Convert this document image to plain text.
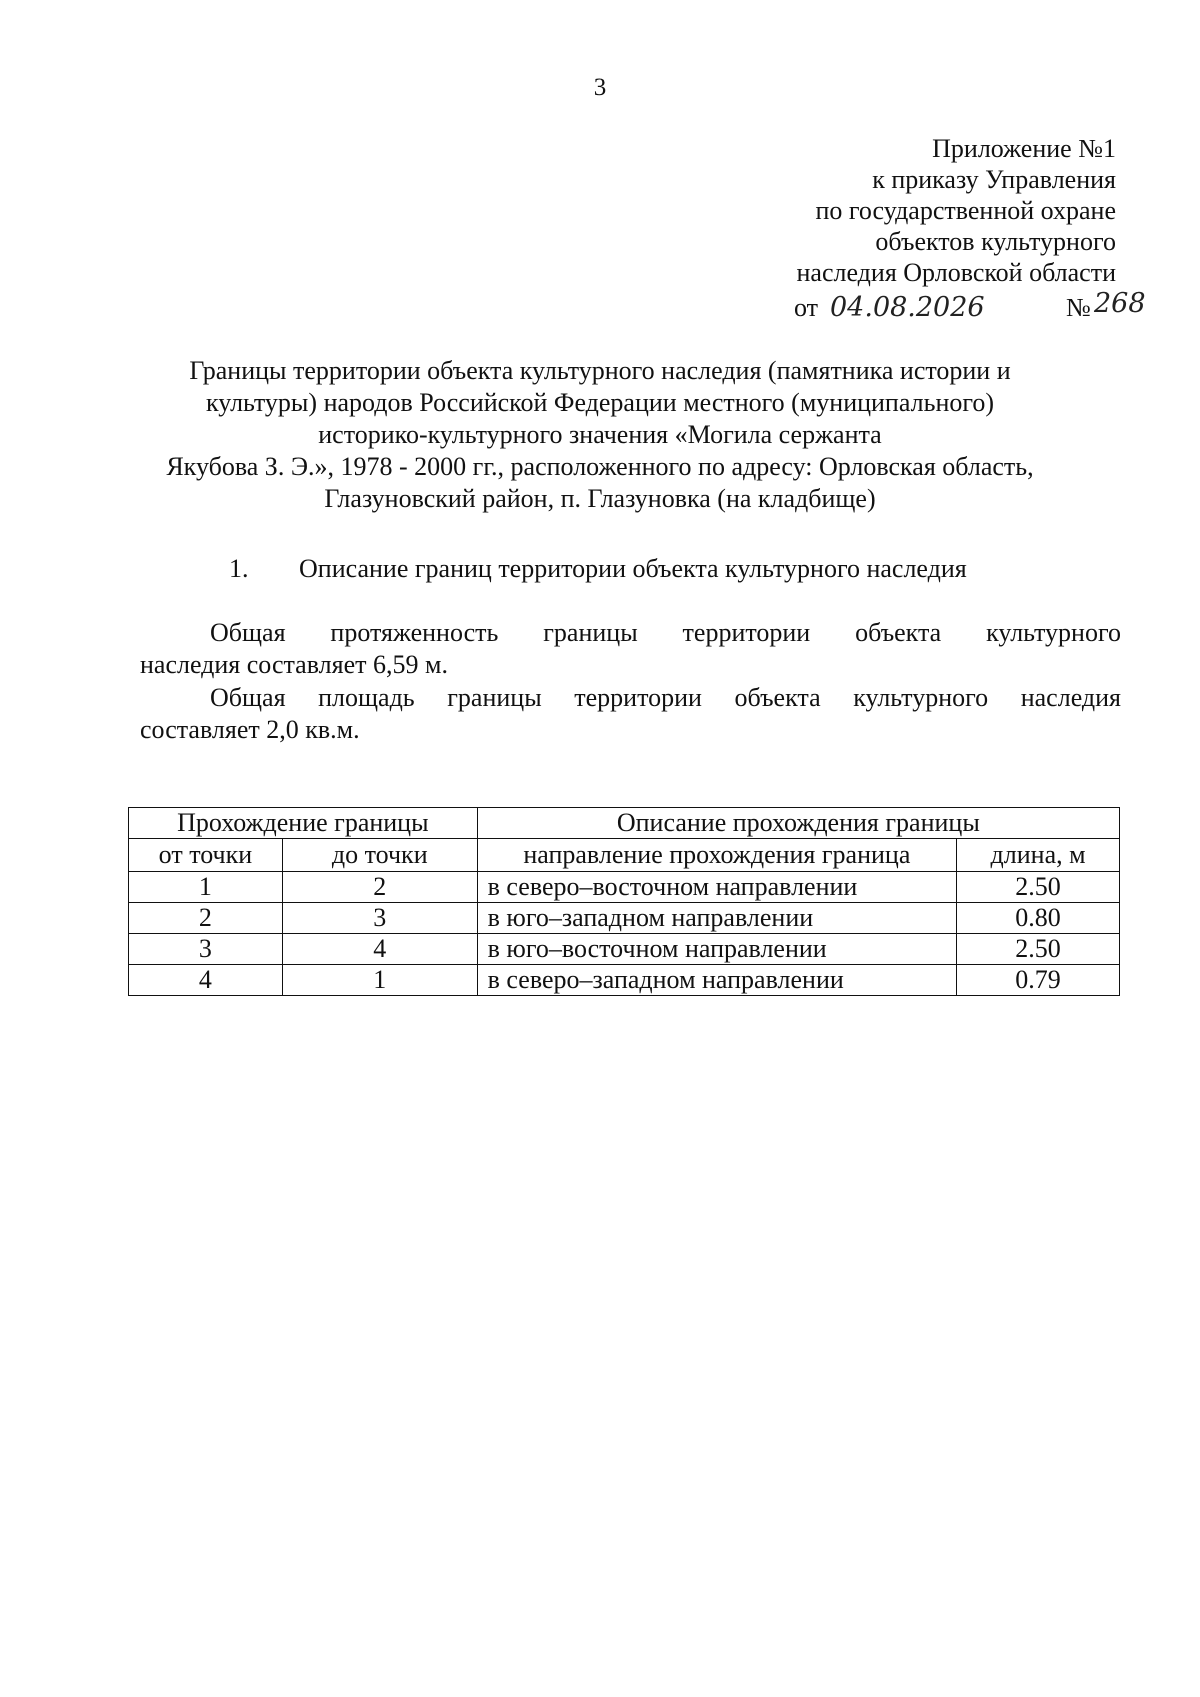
3
Приложение №1
к приказу Управления
по государственной охране
объектов культурного
наследия Орловской области
от 04.08.2026	№ 268
Границы территории объекта культурного наследия (памятника истории и
культуры) народов Российской Федерации местного (муниципального)
историко-культурного значения «Могила сержанта
Якубова З. Э.», 1978 - 2000 гг., расположенного по адресу: Орловская область,
Глазуновский район, п. Глазуновка (на кладбище)
1. Описание границ территории объекта культурного наследия
Общая протяженность границы территории объекта культурного
наследия составляет 6,59 м.
Общая площадь границы территории объекта культурного наследия
составляет 2,0 кв.м.
Прохождение границы		Описание прохождения границы	
от точки	до точки	направление прохождения граница	длина, м
1	2	в северо–восточном направлении	2.50
2	3	в юго–западном направлении	0.80
3	4	в юго–восточном направлении	2.50
4	1	в северо–западном направлении	0.79
